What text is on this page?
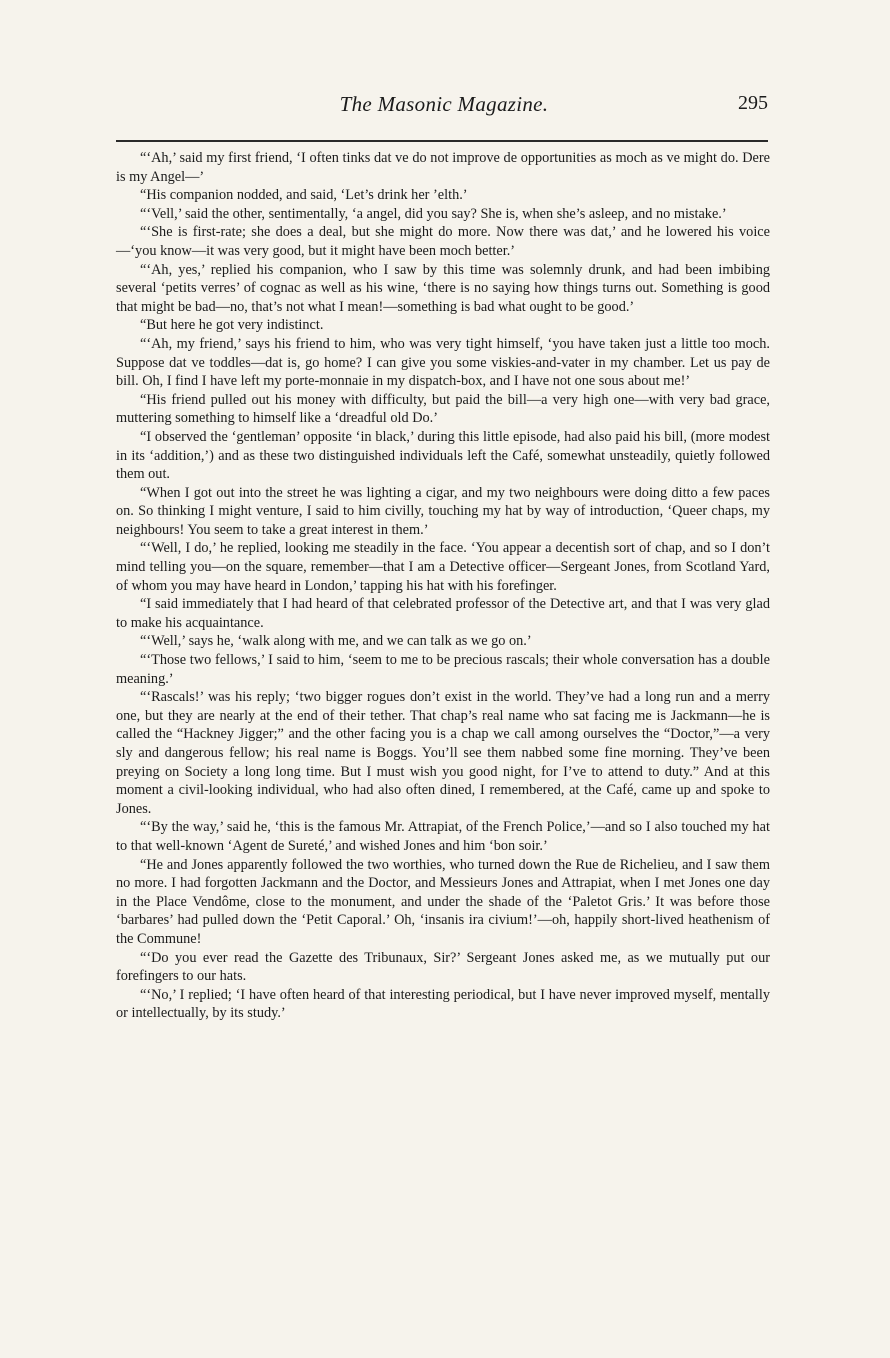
The Masonic Magazine.	295

“‘Ah,’ said my first friend, ‘I often tinks dat ve do not improve de opportunities as moch as ve might do. Dere is my Angel—’

“His companion nodded, and said, ‘Let’s drink her ’elth.’

“‘Vell,’ said the other, sentimentally, ‘a angel, did you say? She is, when she’s asleep, and no mistake.’

“‘She is first-rate; she does a deal, but she might do more. Now there was dat,’ and he lowered his voice—‘you know—it was very good, but it might have been moch better.’

“‘Ah, yes,’ replied his companion, who I saw by this time was solemnly drunk, and had been imbibing several ‘petits verres’ of cognac as well as his wine, ‘there is no saying how things turns out. Something is good that might be bad—no, that’s not what I mean!—something is bad what ought to be good.’

“But here he got very indistinct.

“‘Ah, my friend,’ says his friend to him, who was very tight himself, ‘you have taken just a little too moch. Suppose dat ve toddles—dat is, go home? I can give you some viskies-and-vater in my chamber. Let us pay de bill. Oh, I find I have left my porte-monnaie in my dispatch-box, and I have not one sous about me!’

“His friend pulled out his money with difficulty, but paid the bill—a very high one—with very bad grace, muttering something to himself like a ‘dreadful old Do.’

“I observed the ‘gentleman’ opposite ‘in black,’ during this little episode, had also paid his bill, (more modest in its ‘addition,’) and as these two distinguished individuals left the Café, somewhat unsteadily, quietly followed them out.

“When I got out into the street he was lighting a cigar, and my two neighbours were doing ditto a few paces on. So thinking I might venture, I said to him civilly, touching my hat by way of introduction, ‘Queer chaps, my neighbours! You seem to take a great interest in them.’

“‘Well, I do,’ he replied, looking me steadily in the face. ‘You appear a decentish sort of chap, and so I don’t mind telling you—on the square, remember—that I am a Detective officer—Sergeant Jones, from Scotland Yard, of whom you may have heard in London,’ tapping his hat with his forefinger.

“I said immediately that I had heard of that celebrated professor of the Detective art, and that I was very glad to make his acquaintance.

“‘Well,’ says he, ‘walk along with me, and we can talk as we go on.’

“‘Those two fellows,’ I said to him, ‘seem to me to be precious rascals; their whole conversation has a double meaning.’

“‘Rascals!’ was his reply; ‘two bigger rogues don’t exist in the world. They’ve had a long run and a merry one, but they are nearly at the end of their tether. That chap’s real name who sat facing me is Jackmann—he is called the “Hackney Jigger;” and the other facing you is a chap we call among ourselves the “Doctor,”—a very sly and dangerous fellow; his real name is Boggs. You’ll see them nabbed some fine morning. They’ve been preying on Society a long long time. But I must wish you good night, for I’ve to attend to duty.” And at this moment a civil-looking individual, who had also often dined, I remembered, at the Café, came up and spoke to Jones.

“‘By the way,’ said he, ‘this is the famous Mr. Attrapiat, of the French Police,’—and so I also touched my hat to that well-known ‘Agent de Sureté,’ and wished Jones and him ‘bon soir.’

“He and Jones apparently followed the two worthies, who turned down the Rue de Richelieu, and I saw them no more. I had forgotten Jackmann and the Doctor, and Messieurs Jones and Attrapiat, when I met Jones one day in the Place Vendôme, close to the monument, and under the shade of the ‘Paletot Gris.’ It was before those ‘barbares’ had pulled down the ‘Petit Caporal.’ Oh, ‘insanis ira civium!’—oh, happily short-lived heathenism of the Commune!

“‘Do you ever read the Gazette des Tribunaux, Sir?’ Sergeant Jones asked me, as we mutually put our forefingers to our hats.

“‘No,’ I replied; ‘I have often heard of that interesting periodical, but I have never improved myself, mentally or intellectually, by its study.’
